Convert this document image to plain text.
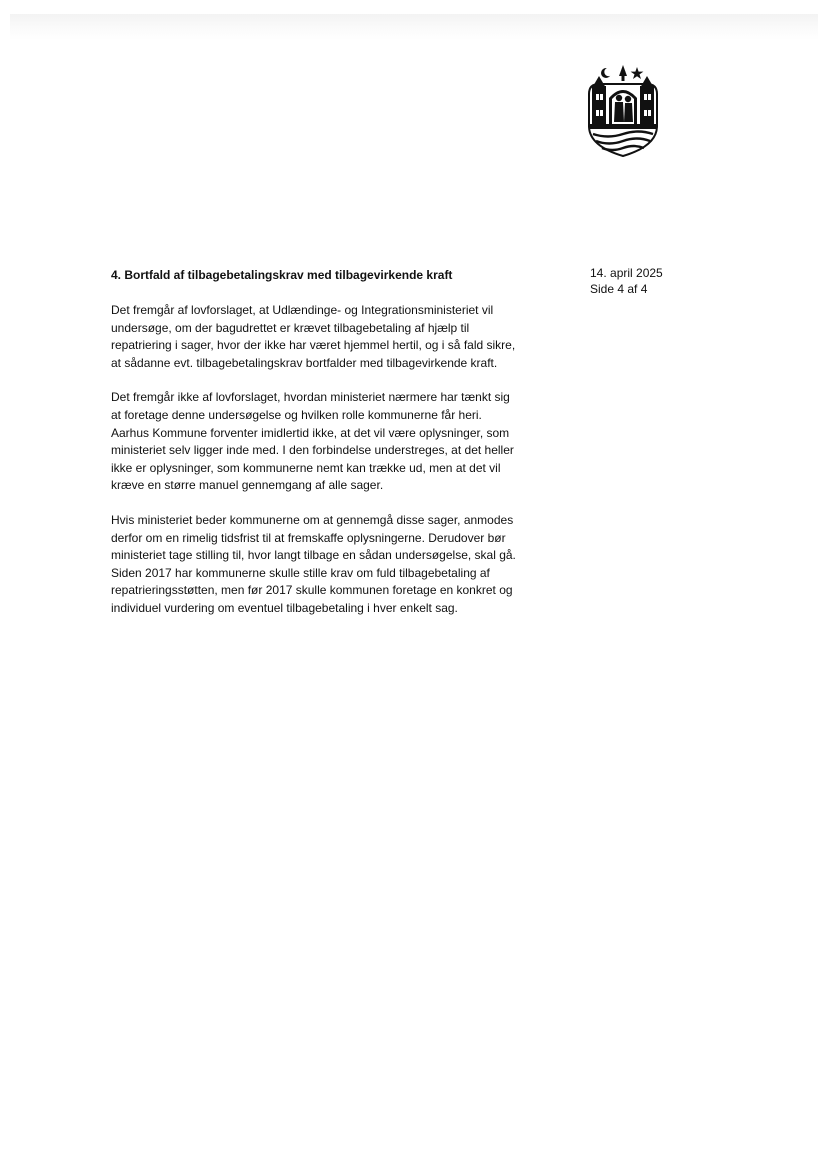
14. april 2025
Side 4 af 4
4. Bortfald af tilbagebetalingskrav med tilbagevirkende kraft
Det fremgår af lovforslaget, at Udlændinge- og Integrationsministeriet vil
undersøge, om der bagudrettet er krævet tilbagebetaling af hjælp til
repatriering i sager, hvor der ikke har været hjemmel hertil, og i så fald sikre,
at sådanne evt. tilbagebetalingskrav bortfalder med tilbagevirkende kraft.
Det fremgår ikke af lovforslaget, hvordan ministeriet nærmere har tænkt sig
at foretage denne undersøgelse og hvilken rolle kommunerne får heri.
Aarhus Kommune forventer imidlertid ikke, at det vil være oplysninger, som
ministeriet selv ligger inde med. I den forbindelse understreges, at det heller
ikke er oplysninger, som kommunerne nemt kan trække ud, men at det vil
kræve en større manuel gennemgang af alle sager.
Hvis ministeriet beder kommunerne om at gennemgå disse sager, anmodes
derfor om en rimelig tidsfrist til at fremskaffe oplysningerne. Derudover bør
ministeriet tage stilling til, hvor langt tilbage en sådan undersøgelse, skal gå.
Siden 2017 har kommunerne skulle stille krav om fuld tilbagebetaling af
repatrieringsstøtten, men før 2017 skulle kommunen foretage en konkret og
individuel vurdering om eventuel tilbagebetaling i hver enkelt sag.
